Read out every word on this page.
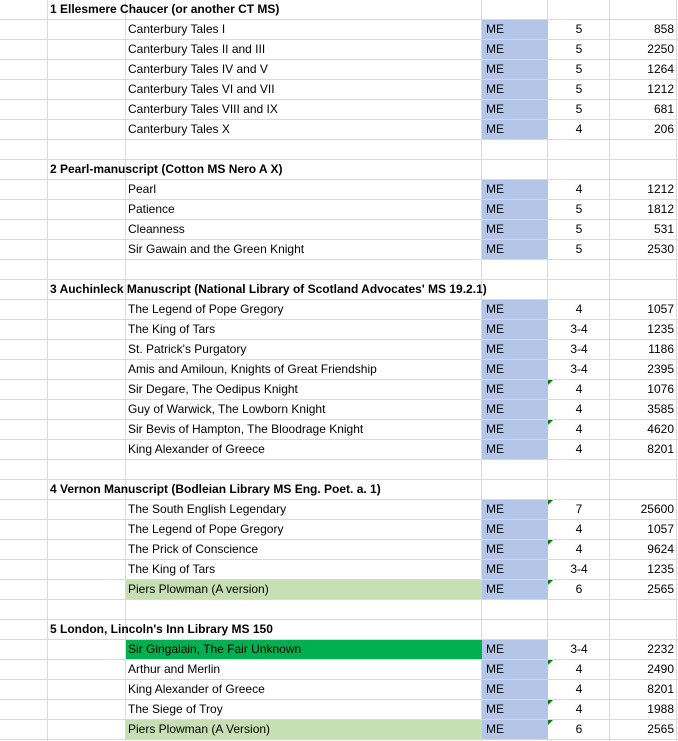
1 Ellesmere Chaucer (or another CT MS)
Canterbury Tales I	ME	5	858
Canterbury Tales II and III	ME	5	2250
Canterbury Tales IV and V	ME	5	1264
Canterbury Tales VI and VII	ME	5	1212
Canterbury Tales VIII and IX	ME	5	681
Canterbury Tales X	ME	4	206
2 Pearl-manuscript (Cotton MS Nero A X)
Pearl	ME	4	1212
Patience	ME	5	1812
Cleanness	ME	5	531
Sir Gawain and the Green Knight	ME	5	2530
3 Auchinleck Manuscript (National Library of Scotland Advocates' MS 19.2.1)
The Legend of Pope Gregory	ME	4	1057
The King of Tars	ME	3-4	1235
St. Patrick's Purgatory	ME	3-4	1186
Amis and Amiloun, Knights of Great Friendship	ME	3-4	2395
Sir Degare, The Oedipus Knight	ME	4	1076
Guy of Warwick, The Lowborn Knight	ME	4	3585
Sir Bevis of Hampton, The Bloodrage Knight	ME	4	4620
King Alexander of Greece	ME	4	8201
4 Vernon Manuscript (Bodleian Library MS Eng. Poet. a. 1)
The South English Legendary	ME	7	25600
The Legend of Pope Gregory	ME	4	1057
The Prick of Conscience	ME	4	9624
The King of Tars	ME	3-4	1235
Piers Plowman (A version)	ME	6	2565
5 London, Lincoln's Inn Library MS 150
Sir Gingalain, The Fair Unknown	ME	3-4	2232
Arthur and Merlin	ME	4	2490
King Alexander of Greece	ME	4	8201
The Siege of Troy	ME	4	1988
Piers Plowman (A Version)	ME	6	2565
